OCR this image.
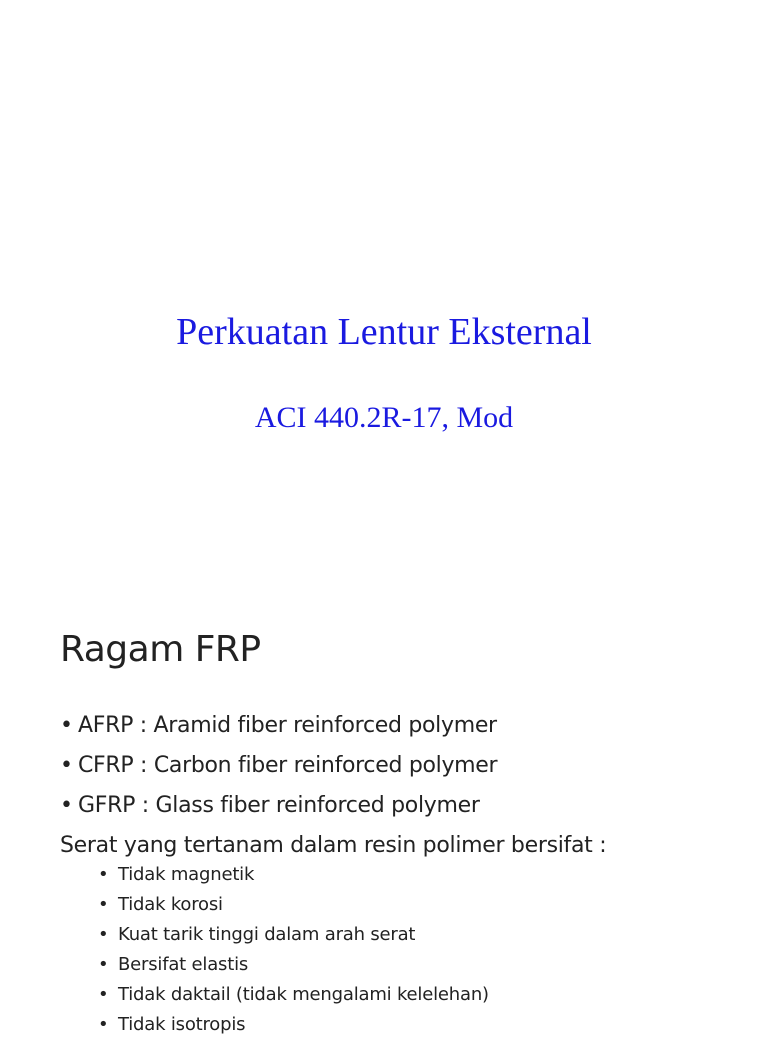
Perkuatan Lentur Eksternal
ACI 440.2R-17, Mod
Ragam FRP
• AFRP : Aramid fiber reinforced polymer
• CFRP : Carbon fiber reinforced polymer
• GFRP : Glass fiber reinforced polymer
Serat yang tertanam dalam resin polimer bersifat :
• Tidak magnetik
• Tidak korosi
• Kuat tarik tinggi dalam arah serat
• Bersifat elastis
• Tidak daktail (tidak mengalami kelelehan)
• Tidak isotropis
